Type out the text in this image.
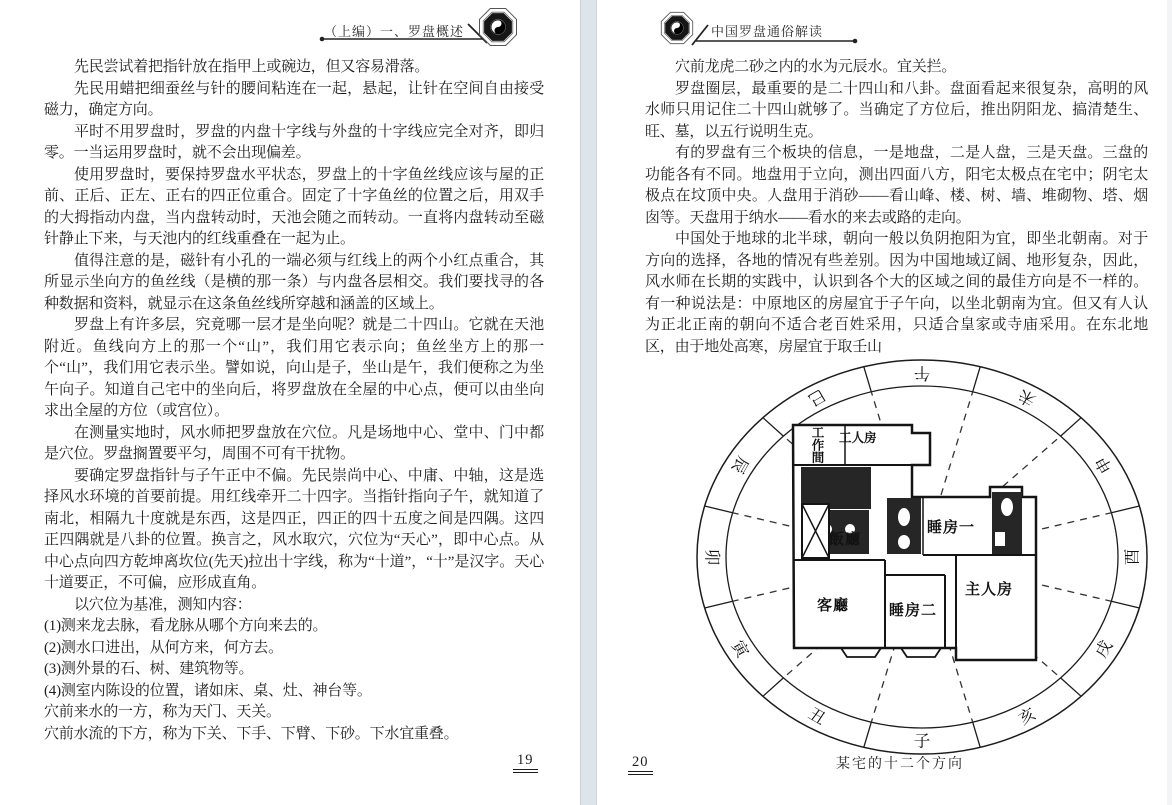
（上编）一、罗盘概述	中国罗盘通俗解读

先民尝试着把指针放在指甲上或碗边，但又容易滑落。

先民用蜡把细蚕丝与针的腰间粘连在一起，悬起，让针在空间自由接受磁力，确定方向。

平时不用罗盘时，罗盘的内盘十字线与外盘的十字线应完全对齐，即归零。一当运用罗盘时，就不会出现偏差。

使用罗盘时，要保持罗盘水平状态，罗盘上的十字鱼丝线应该与屋的正前、正后、正左、正右的四正位重合。固定了十字鱼丝的位置之后，用双手的大拇指动内盘，当内盘转动时，天池会随之而转动。一直将内盘转动至磁针静止下来，与天池内的红线重叠在一起为止。

值得注意的是，磁针有小孔的一端必须与红线上的两个小红点重合，其所显示坐向方的鱼丝线（是横的那一条）与内盘各层相交。我们要找寻的各种数据和资料，就显示在这条鱼丝线所穿越和涵盖的区域上。

罗盘上有许多层，究竟哪一层才是坐向呢？就是二十四山。它就在天池附近。鱼线向方上的那一个“山”，我们用它表示向；鱼丝坐方上的那一个“山”，我们用它表示坐。譬如说，向山是子，坐山是午，我们便称之为坐午向子。知道自己宅中的坐向后，将罗盘放在全屋的中心点，便可以由坐向求出全屋的方位（或宫位）。

在测量实地时，风水师把罗盘放在穴位。凡是场地中心、堂中、门中都是穴位。罗盘搁置要平匀，周围不可有干扰物。

要确定罗盘指针与子午正中不偏。先民崇尚中心、中庸、中轴，这是选择风水环境的首要前提。用红线牵开二十四字。当指针指向子午，就知道了南北，相隔九十度就是东西，这是四正，四正的四十五度之间是四隅。这四正四隅就是八卦的位置。换言之，风水取穴，穴位为“天心”，即中心点。从中心点向四方乾坤离坎位(先天)拉出十字线，称为“十道”，“十”是汉字。天心十道要正，不可偏，应形成直角。

以穴位为基准，测知内容：

(1)测来龙去脉，看龙脉从哪个方向来去的。

(2)测水口进出，从何方来，何方去。

(3)测外景的石、树、建筑物等。

(4)测室内陈设的位置，诸如床、桌、灶、神台等。

穴前来水的一方，称为天门、天关。

穴前水流的下方，称为下关、下手、下臂、下砂。下水宜重叠。

穴前龙虎二砂之内的水为元辰水。宜关拦。

罗盘圈层，最重要的是二十四山和八卦。盘面看起来很复杂，高明的风水师只用记住二十四山就够了。当确定了方位后，推出阴阳龙、搞清楚生、旺、墓，以五行说明生克。

有的罗盘有三个板块的信息，一是地盘，二是人盘，三是天盘。三盘的功能各有不同。地盘用于立向，测出四面八方，阳宅太极点在宅中；阴宅太极点在坟顶中央。人盘用于消砂——看山峰、楼、树、墙、堆砌物、塔、烟囱等。天盘用于纳水——看水的来去或路的走向。

中国处于地球的北半球，朝向一般以负阴抱阳为宜，即坐北朝南。对于方向的选择，各地的情况有些差别。因为中国地域辽阔、地形复杂，因此，风水师在长期的实践中，认识到各个大的区域之间的最佳方向是不一样的。有一种说法是：中原地区的房屋宜于子午向，以坐北朝南为宜。但又有人认为正北正南的朝向不适合老百姓采用，只适合皇家或寺庙采用。在东北地区，由于地处高寒，房屋宜于取壬山

午
未
申
酉
戌
亥
子
丑
寅
卯
辰
巳
工人房
飯廳
睡房一
客廳	睡房二
主人房
某宅的十二个方向
工作間
19	20
